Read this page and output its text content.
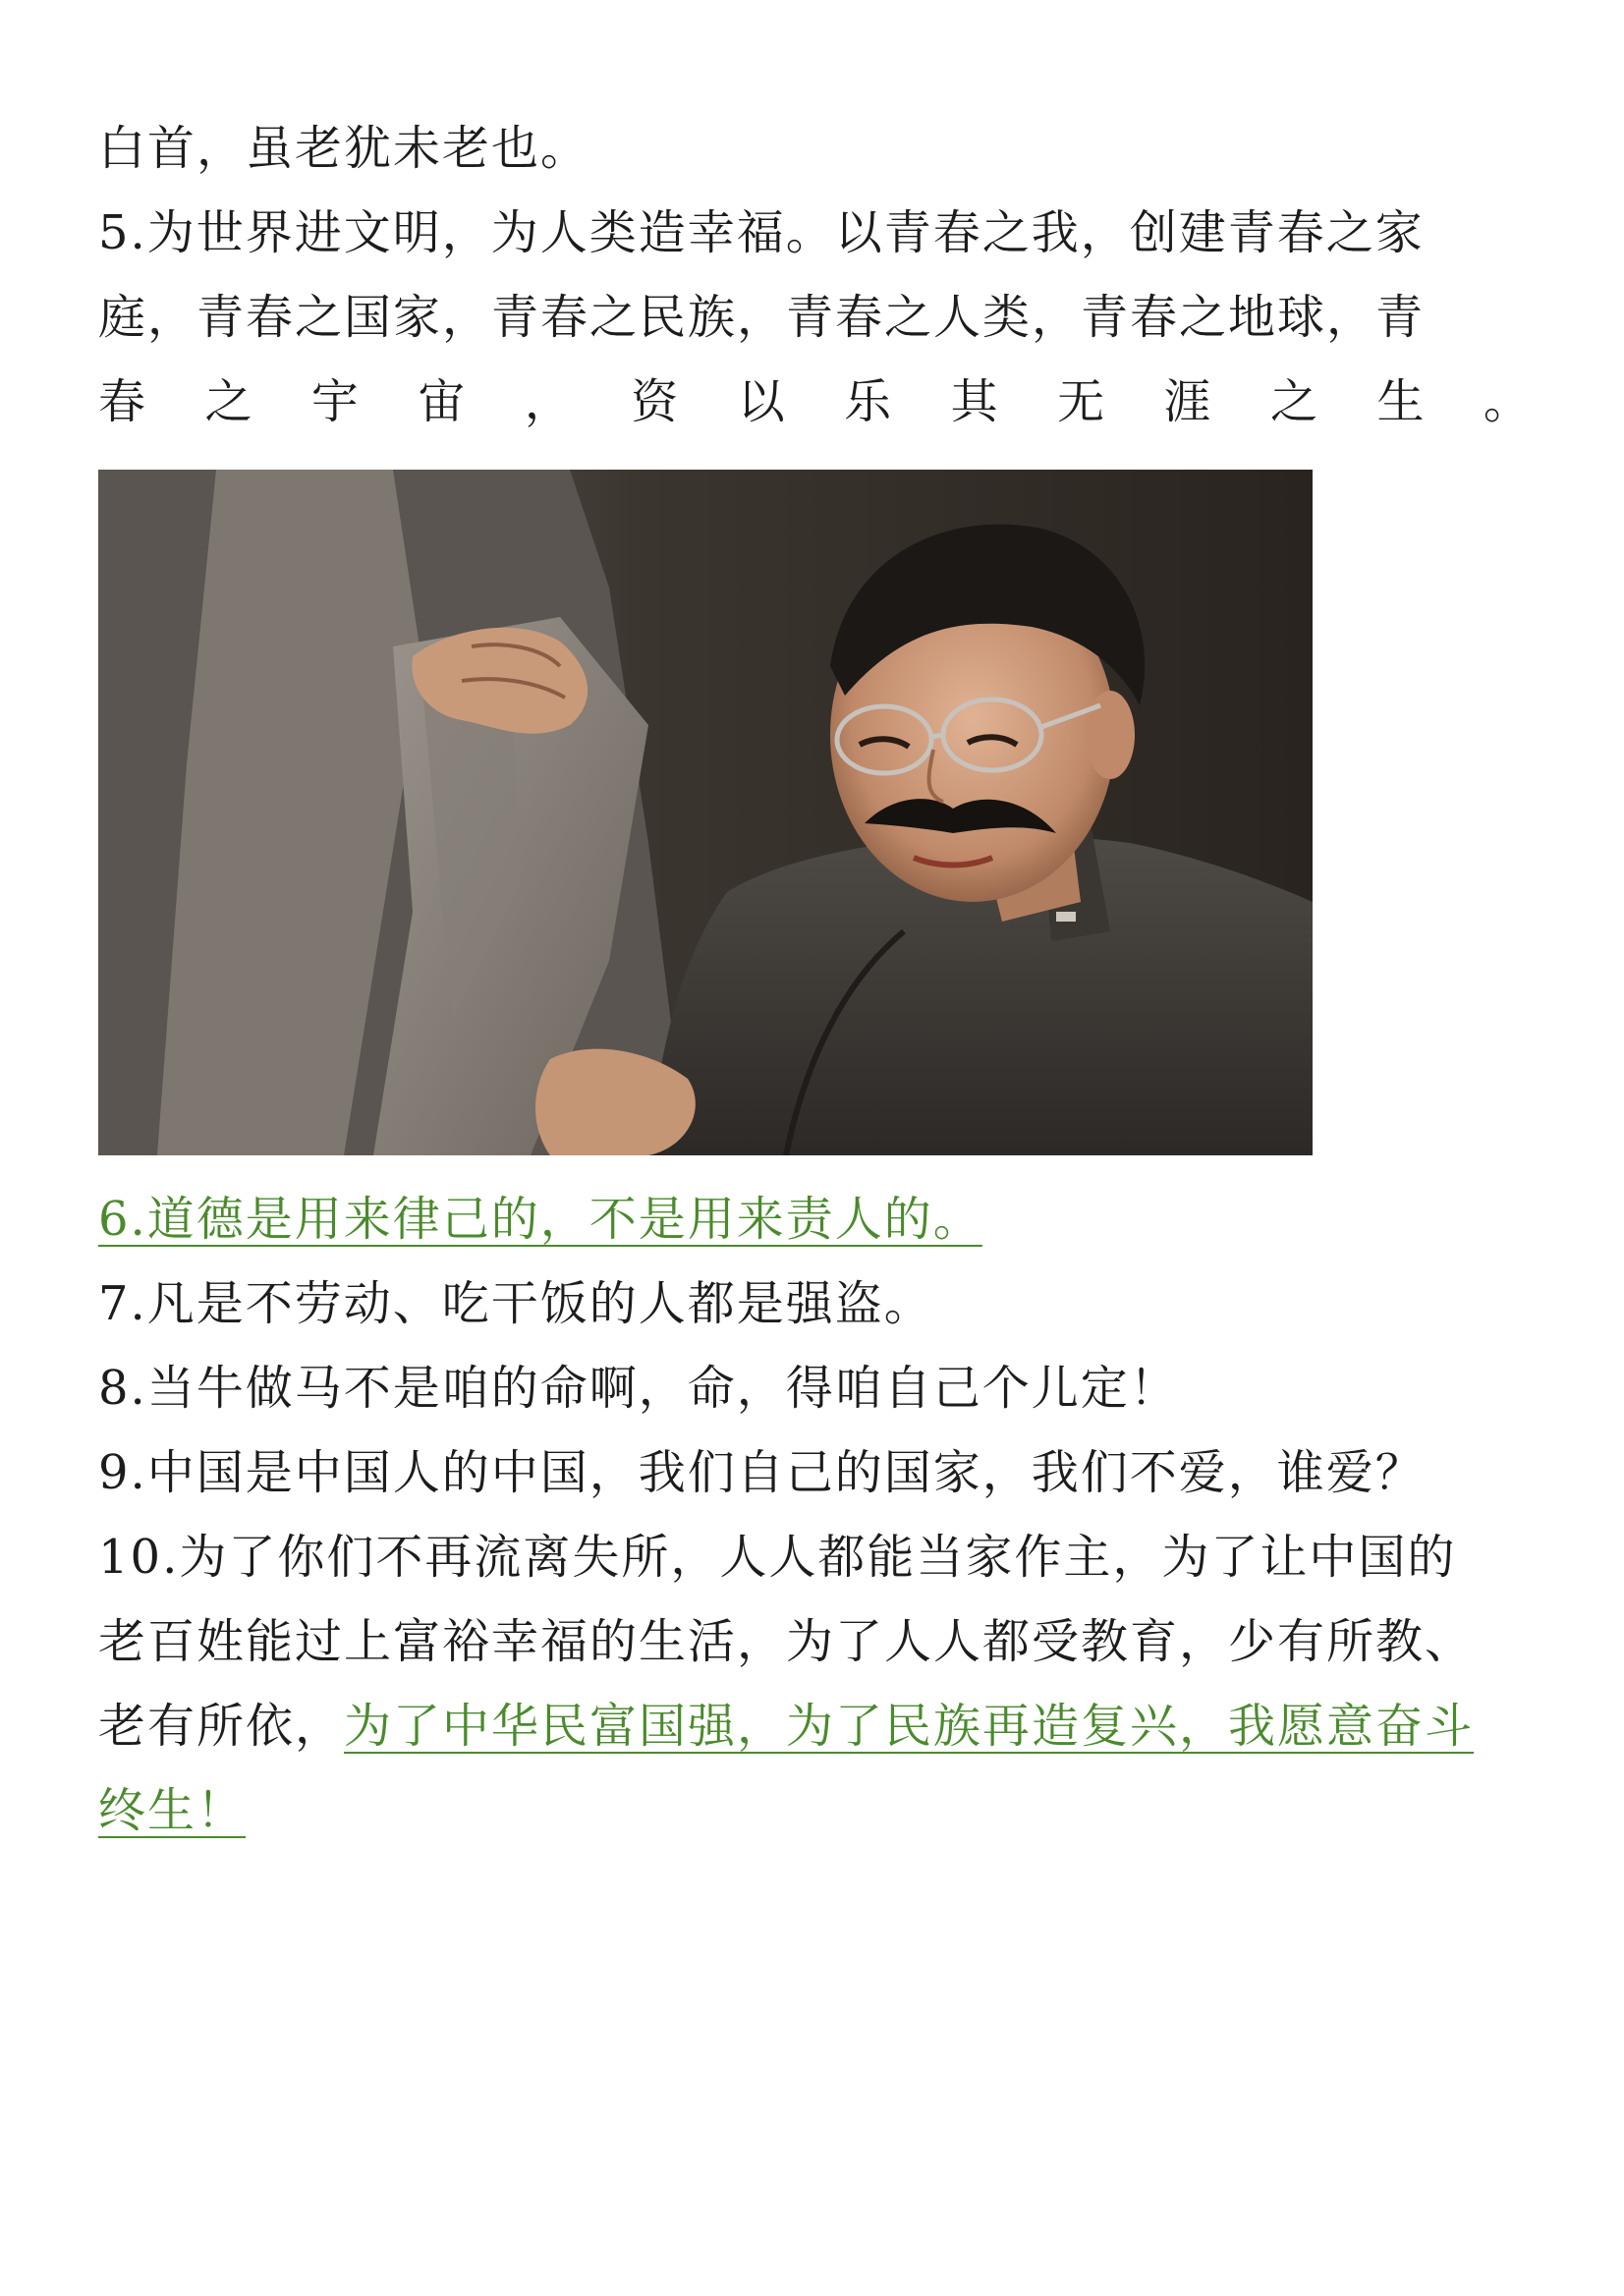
白首，虽老犹未老也。
5.为世界进文明，为人类造幸福。以青春之我，创建青春之家
庭，青春之国家，青春之民族，青春之人类，青春之地球，青
春 之 宇 宙 ， 资 以 乐 其 无 涯 之 生 。
6.道德是用来律己的，不是用来责人的。
7.凡是不劳动、吃干饭的人都是强盗。
8.当牛做马不是咱的命啊，命，得咱自己个儿定！
9.中国是中国人的中国，我们自己的国家，我们不爱，谁爱？
10.为了你们不再流离失所，人人都能当家作主，为了让中国的
老百姓能过上富裕幸福的生活，为了人人都受教育，少有所教、
老有所依，为了中华民富国强，为了民族再造复兴，我愿意奋斗
终生！
